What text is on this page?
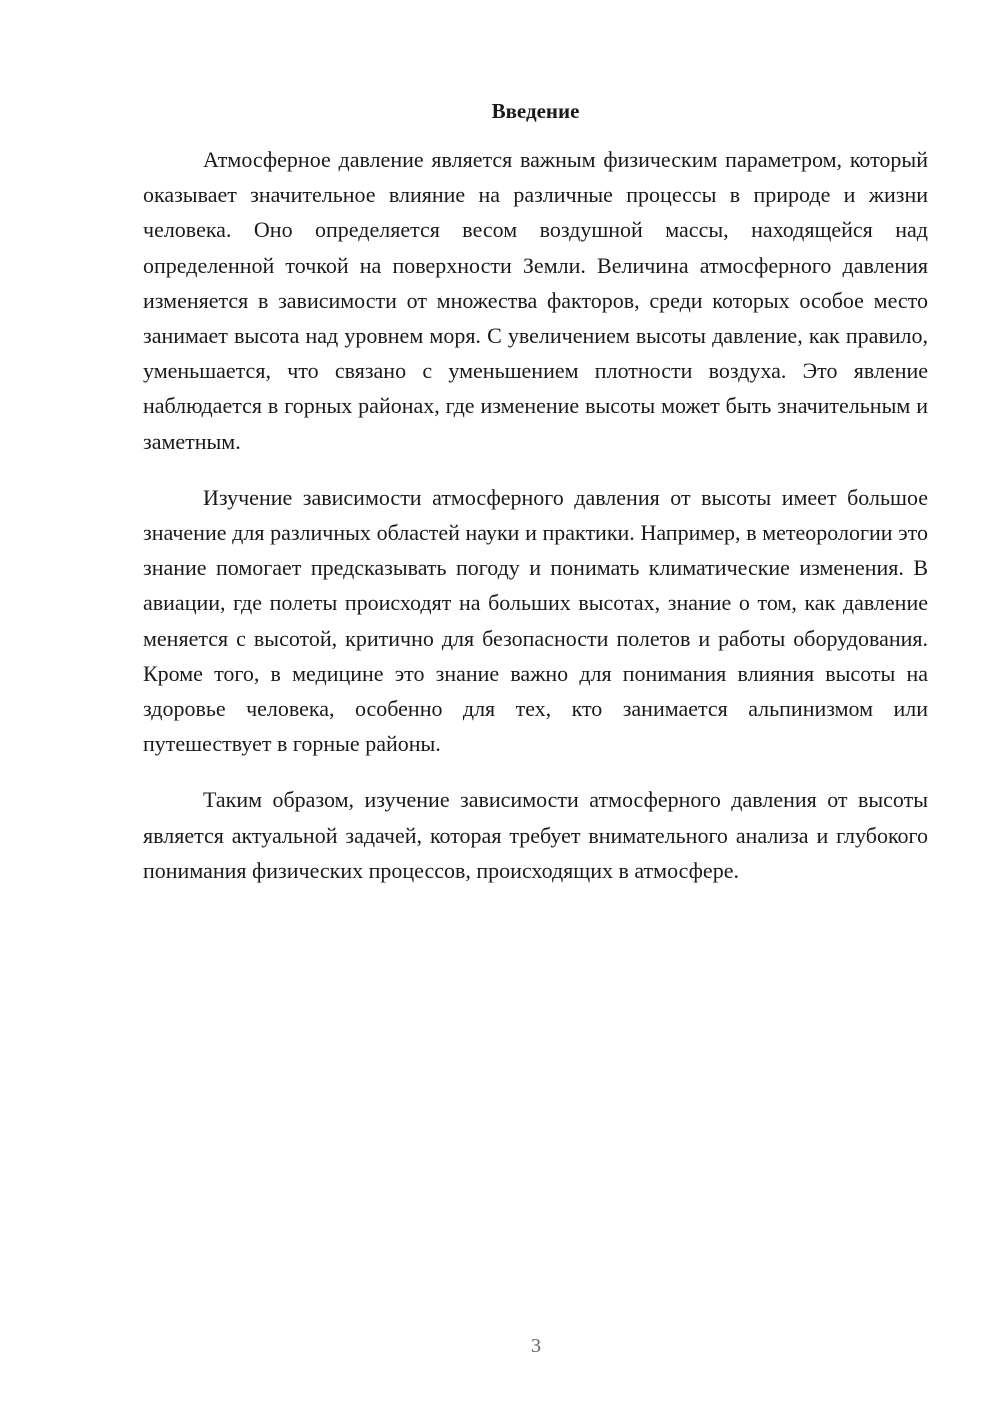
Введение

Атмосферное давление является важным физическим параметром, который оказывает значительное влияние на различные процессы в природе и жизни человека. Оно определяется весом воздушной массы, находящейся над определенной точкой на поверхности Земли. Величина атмосферного давления изменяется в зависимости от множества факторов, среди которых особое место занимает высота над уровнем моря. С увеличением высоты давление, как правило, уменьшается, что связано с уменьшением плотности воздуха. Это явление наблюдается в горных районах, где изменение высоты может быть значительным и заметным.

Изучение зависимости атмосферного давления от высоты имеет большое значение для различных областей науки и практики. Например, в метеорологии это знание помогает предсказывать погоду и понимать климатические изменения. В авиации, где полеты происходят на больших высотах, знание о том, как давление меняется с высотой, критично для безопасности полетов и работы оборудования. Кроме того, в медицине это знание важно для понимания влияния высоты на здоровье человека, особенно для тех, кто занимается альпинизмом или путешествует в горные районы.

Таким образом, изучение зависимости атмосферного давления от высоты является актуальной задачей, которая требует внимательного анализа и глубокого понимания физических процессов, происходящих в атмосфере.

3
